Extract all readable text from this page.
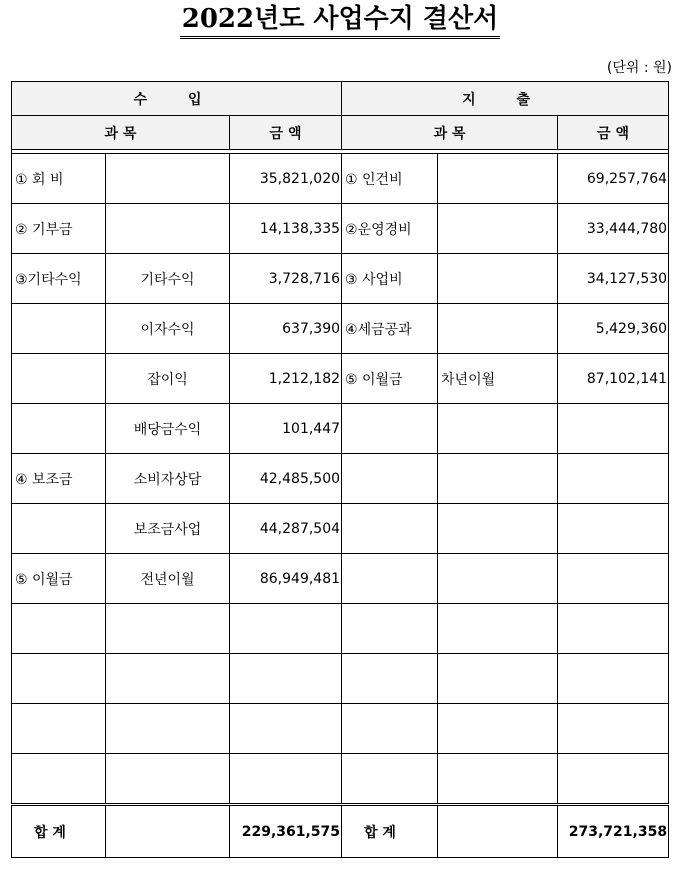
2022년도 사업수지 결산서
(단위 : 원)
수 입			지 출		
과 목		금 액	과 목		금 액

① 회 비		35,821,020	① 인건비		69,257,764
② 기부금		14,138,335	②운영경비		33,444,780
③기타수익	기타수익	3,728,716	③ 사업비		34,127,530
	이자수익	637,390	④세금공과		5,429,360
	잡이익	1,212,182	⑤ 이월금	차년이월	87,102,141
	배당금수익	101,447			
④ 보조금	소비자상담	42,485,500			
	보조금사업	44,287,504			
⑤ 이월금	전년이월	86,949,481			

합 계		229,361,575	합 계		273,721,358
